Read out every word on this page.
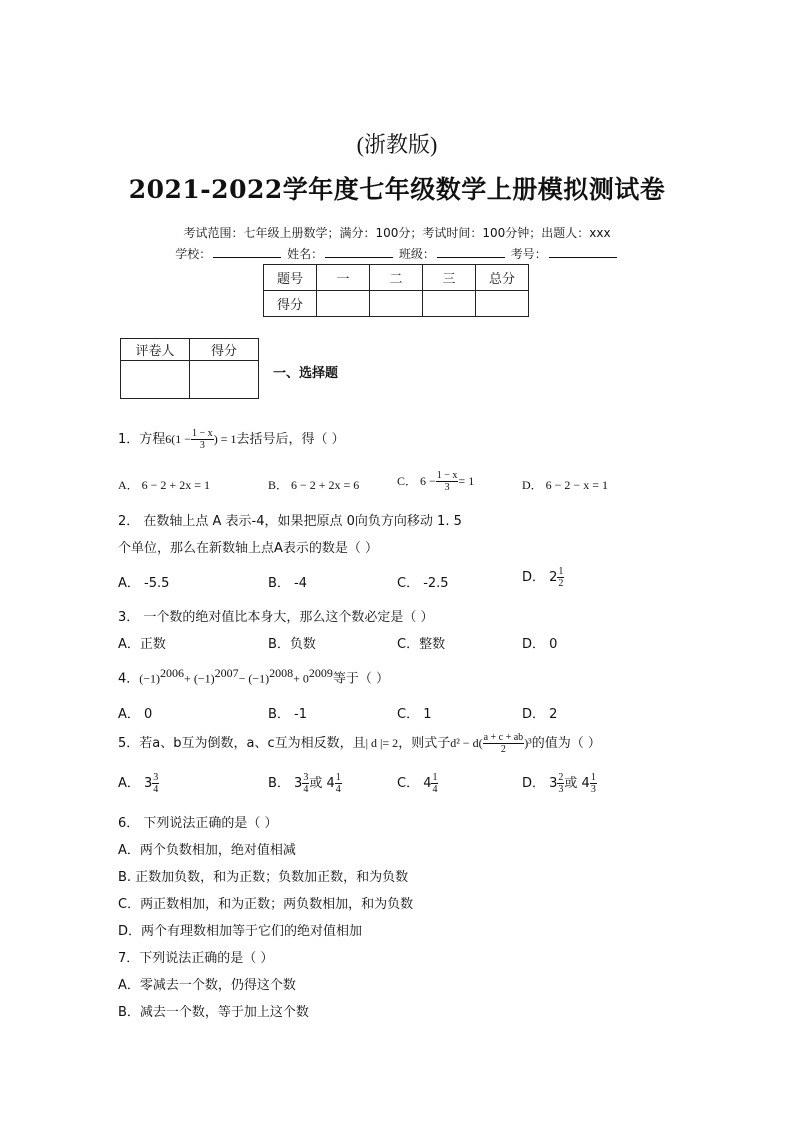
(浙教版)
2021-2022学年度七年级数学上册模拟测试卷
考试范围：七年级上册数学；满分：100分；考试时间：100分钟；出题人：xxx
学校：	姓名：	班级：	考号：
题号	一	二	三	总分
得分				
评卷人	得分

一、选择题
1．方程$6(1 - \frac{1 - x}{3}$ ) = 1去括号后，得（ ）
A． 6 − 2 + 2x = 1	B． 6 − 2 + 2x = 6	C． $6 - \frac{1 - x}{3} = 1$	D． 6 − 2 − x = 1
2． 在数轴上点 A 表示-4，如果把原点 0向负方向移动 1. 5
个单位，那么在新数轴上点A表示的数是（ ）
A． -5.5	B． -4	C． -2.5	D． $2 \frac{1}{2}$
3． 一个数的绝对值比本身大，那么这个数必定是（ ）
A．正数	B．负数	C．整数	D． 0
4．$(-1)^{2006}+ (-1)^{2007}- (-1)^{2008}+ 0^{2009}$等于（ ）
A． 0	B． -1	C． 1	D． 2
5．若a、b互为倒数，a、c互为相反数，且| d |= 2，则式子$d^2 - d( \frac{a + c + ab}{2} )^3$的值为（ ）
A． $3 \frac{3}{4}$	B． $3 \frac{3}{4}$ 或 $4 \frac{1}{4}$	C． $4 \frac{1}{4}$	D． $3 \frac{2}{3}$ 或 $4 \frac{1}{3}$
6． 下列说法正确的是（ ）
A．两个负数相加，绝对值相减
B. 正数加负数，和为正数；负数加正数，和为负数
C．两正数相加，和为正数；两负数相加，和为负数
D．两个有理数相加等于它们的绝对值相加
7．下列说法正确的是（ ）
A．零减去一个数，仍得这个数
B．减去一个数，等于加上这个数
